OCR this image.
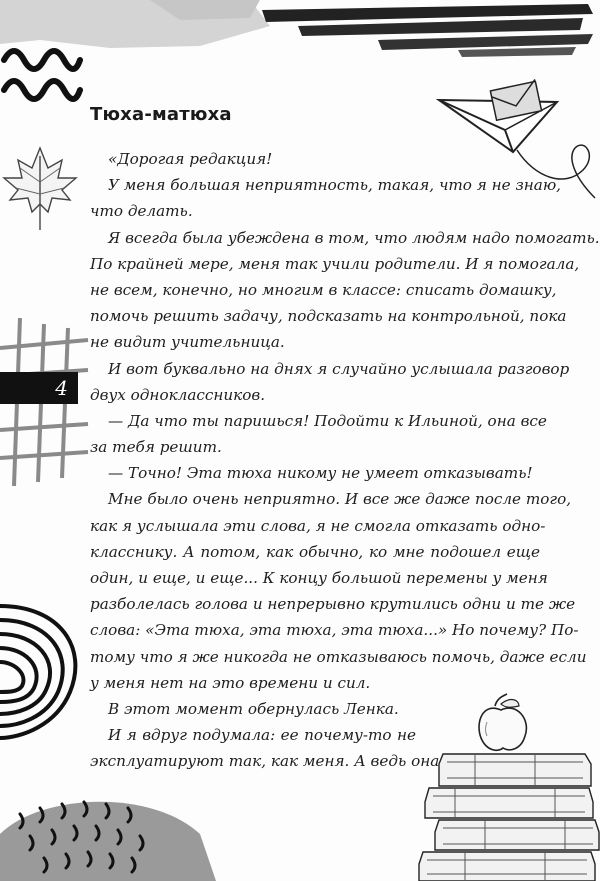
Тюха-матюха
4
«Дорогая редакция!
У меня большая неприятность, такая, что я не знаю,
что делать.
Я всегда была убеждена в том, что людям надо помогать.
По крайней мере, меня так учили родители. И я помогала,
не всем, конечно, но многим в классе: списать домашку,
помочь решить задачу, подсказать на контрольной, пока
не видит учительница.
И вот буквально на днях я случайно услышала разговор
двух одноклассников.
— Да что ты паришься! Подойти к Ильиной, она все
за тебя решит.
— Точно! Эта тюха никому не умеет отказывать!
Мне было очень неприятно. И все же даже после того,
как я услышала эти слова, я не смогла отказать одно-
класснику. А потом, как обычно, ко мне подошел еще
один, и еще, и еще... К концу большой перемены у меня
разболелась голова и непрерывно крутились одни и те же
слова: «Эта тюха, эта тюха, эта тюха...» Но почему? По-
тому что я же никогда не отказываюсь помочь, даже если
у меня нет на это времени и сил.
В этот момент обернулась Ленка.
И я вдруг подумала: ее почему-то не
эксплуатируют так, как меня. А ведь она
